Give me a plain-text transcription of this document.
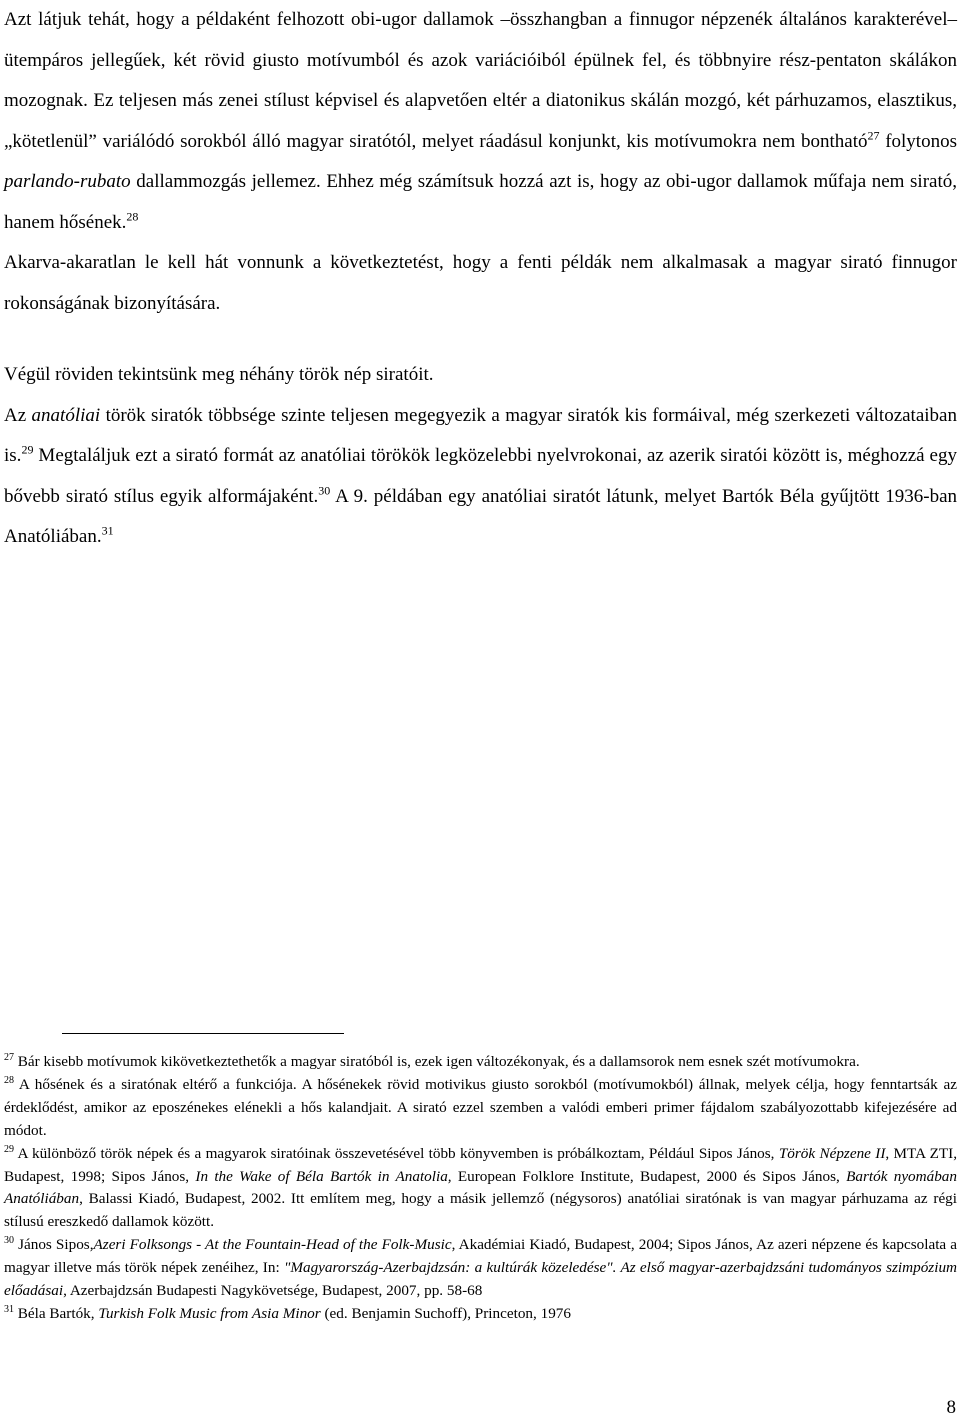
Azt látjuk tehát, hogy a példaként felhozott obi-ugor dallamok –összhangban a finnugor népzenék általános karakterével– ütempáros jellegűek, két rövid giusto motívumból és azok variációiból épülnek fel, és többnyire rész-pentaton skálákon mozognak. Ez teljesen más zenei stílust képvisel és alapvetően eltér a diatonikus skálán mozgó, két párhuzamos, elasztikus, „kötetlenül” variálódó sorokból álló magyar siratótól, melyet ráadásul konjunkt, kis motívumokra nem bontható$^{27}$ folytonos parlando-rubato dallammozgás jellemez. Ehhez még számítsuk hozzá azt is, hogy az obi-ugor dallamok műfaja nem sirató, hanem hősének.$^{28}$

Akarva-akaratlan le kell hát vonnunk a következtetést, hogy a fenti példák nem alkalmasak a magyar sirató finnugor rokonságának bizonyítására.

Végül röviden tekintsünk meg néhány török nép siratóit.

Az anatóliai török siratók többsége szinte teljesen megegyezik a magyar siratók kis formáival, még szerkezeti változataiban is.$^{29}$ Megtaláljuk ezt a sirató formát az anatóliai törökök legközelebbi nyelvrokonai, az azerik siratói között is, méghozzá egy bővebb sirató stílus egyik alformájaként.$^{30}$ A 9. példában egy anatóliai siratót látunk, melyet Bartók Béla gyűjtött 1936-ban Anatóliában.$^{31}$

$^{27}$ Bár kisebb motívumok kikövetkeztethetők a magyar siratóból is, ezek igen változékonyak, és a dallamsorok nem esnek szét motívumokra.

$^{28}$ A hősének és a siratónak eltérő a funkciója. A hősénekek rövid motivikus giusto sorokból (motívumokból) állnak, melyek célja, hogy fenntartsák az érdeklődést, amikor az eposzénekes elénekli a hős kalandjait. A sirató ezzel szemben a valódi emberi primer fájdalom szabályozottabb kifejezésére ad módot.

$^{29}$ A különböző török népek és a magyarok siratóinak összevetésével több könyvemben is próbálkoztam, Például Sipos János, Török Népzene II, MTA ZTI, Budapest, 1998; Sipos János, In the Wake of Béla Bartók in Anatolia, European Folklore Institute, Budapest, 2000 és Sipos János, Bartók nyomában Anatóliában, Balassi Kiadó, Budapest, 2002. Itt említem meg, hogy a másik jellemző (négysoros) anatóliai siratónak is van magyar párhuzama az régi stílusú ereszkedő dallamok között.

$^{30}$ János Sipos,Azeri Folksongs - At the Fountain-Head of the Folk-Music, Akadémiai Kiadó, Budapest, 2004; Sipos János, Az azeri népzene és kapcsolata a magyar illetve más török népek zenéihez, In: "Magyarország-Azerbajdzsán: a kultúrák közeledése". Az első magyar-azerbajdzsáni tudományos szimpózium előadásai, Azerbajdzsán Budapesti Nagykövetsége, Budapest, 2007, pp. 58-68

$^{31}$ Béla Bartók, Turkish Folk Music from Asia Minor (ed. Benjamin Suchoff), Princeton, 1976

8
